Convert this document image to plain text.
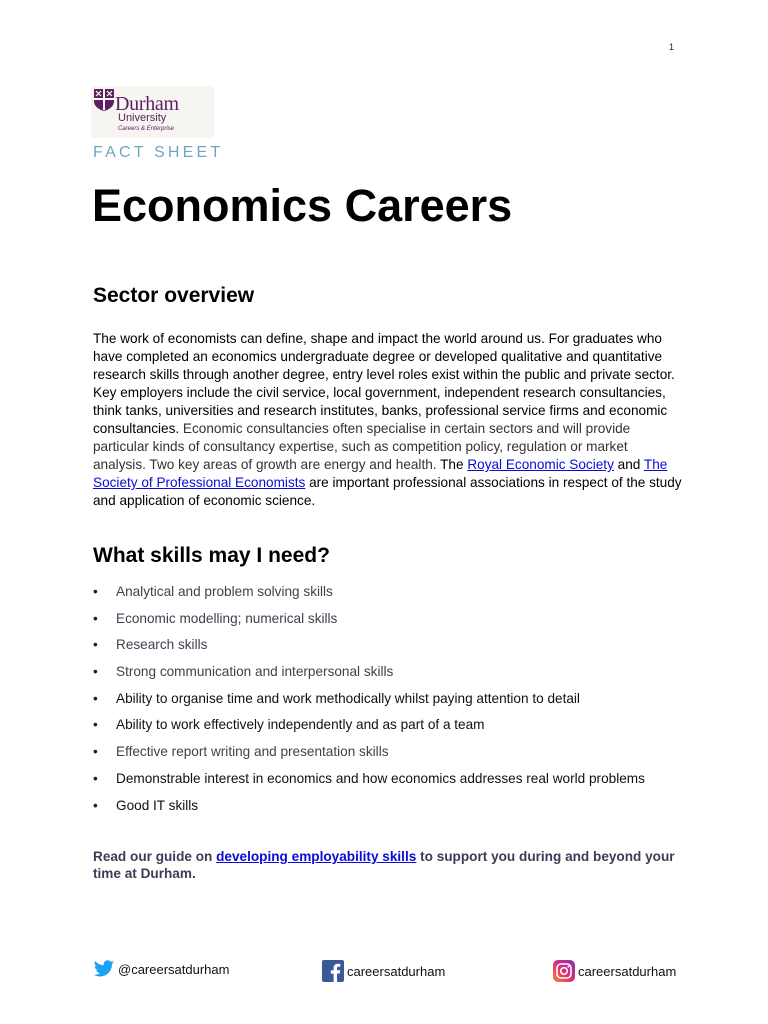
1
Durham
University
Careers & Enterprise
FACT SHEET
Economics Careers
Sector overview

The work of economists can define, shape and impact the world around us. For graduates who have completed an economics undergraduate degree or developed qualitative and quantitative research skills through another degree, entry level roles exist within the public and private sector. Key employers include the civil service, local government, independent research consultancies, think tanks, universities and research institutes, banks, professional service firms and economic consultancies. Economic consultancies often specialise in certain sectors and will provide particular kinds of consultancy expertise, such as competition policy, regulation or market analysis. Two key areas of growth are energy and health. The Royal Economic Society and The Society of Professional Economists are important professional associations in respect of the study and application of economic science.

What skills may I need?
• Analytical and problem solving skills
• Economic modelling; numerical skills
• Research skills
• Strong communication and interpersonal skills
• Ability to organise time and work methodically whilst paying attention to detail
• Ability to work effectively independently and as part of a team
• Effective report writing and presentation skills
• Demonstrable interest in economics and how economics addresses real world problems
• Good IT skills

Read our guide on developing employability skills to support you during and beyond your time at Durham.

@careersatdurham	careersatdurham	careersatdurham
